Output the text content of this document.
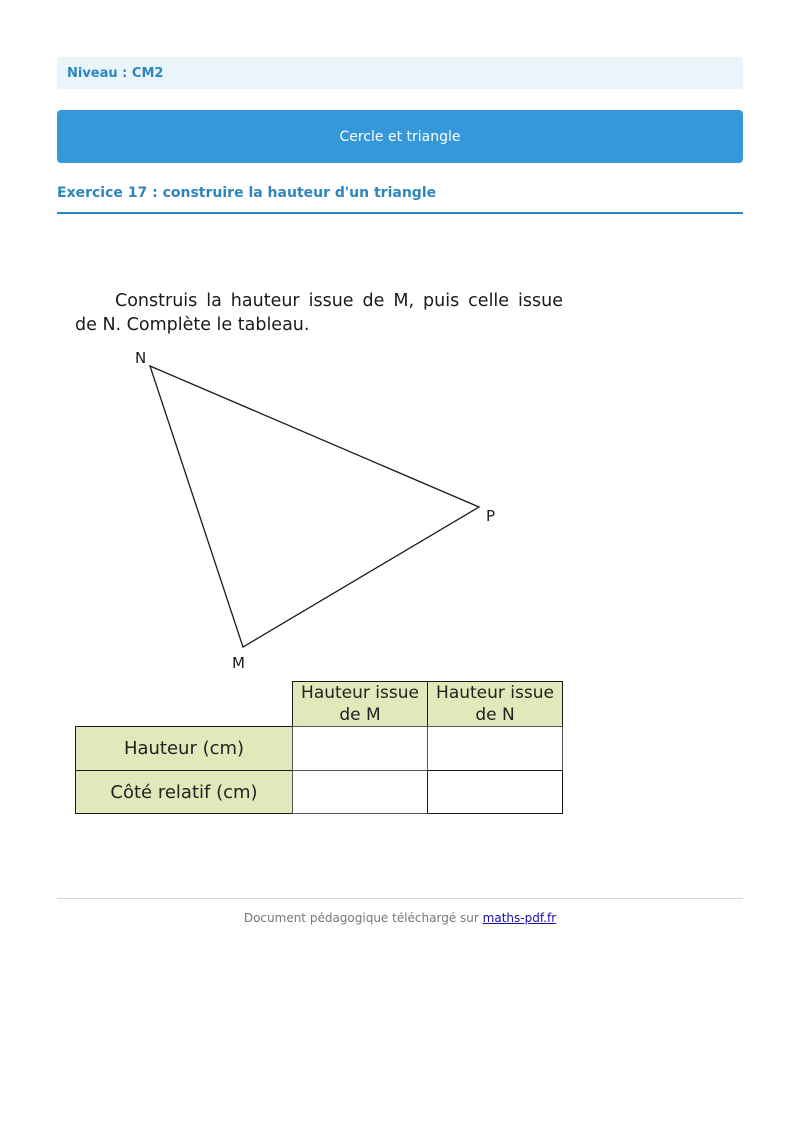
Niveau : CM2
Cercle et triangle
Exercice 17 : construire la hauteur d'un triangle
Construis la hauteur issue de M, puis celle issue de N. Complète le tableau.
N
P
M
Hauteur issue de M
Hauteur issue de N
Hauteur (cm)
Côté relatif (cm)
Document pédagogique téléchargé sur maths-pdf.fr
